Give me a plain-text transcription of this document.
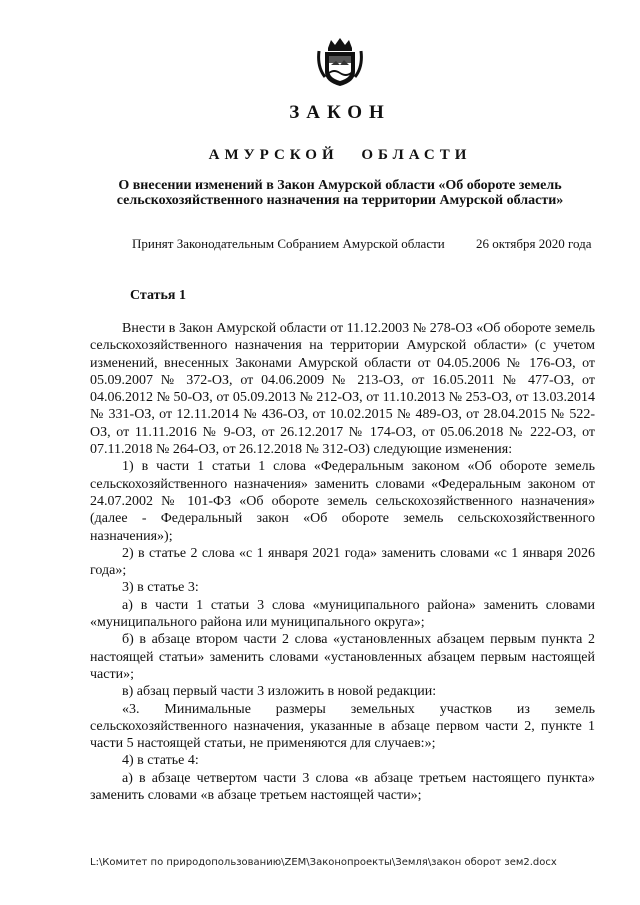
ЗАКОН
АМУРСКОЙ ОБЛАСТИ
О внесении изменений в Закон Амурской области «Об обороте земель сельскохозяйственного назначения на территории Амурской области»
Принят Законодательным Собранием Амурской области 26 октября 2020 года
Статья 1

Внести в Закон Амурской области от 11.12.2003 № 278-ОЗ «Об обороте земель сельскохозяйственного назначения на территории Амурской области» (с учетом изменений, внесенных Законами Амурской области от 04.05.2006 № 176-ОЗ, от 05.09.2007 № 372-ОЗ, от 04.06.2009 № 213-ОЗ, от 16.05.2011 № 477-ОЗ, от 04.06.2012 № 50-ОЗ, от 05.09.2013 № 212-ОЗ, от 11.10.2013 № 253-ОЗ, от 13.03.2014 № 331-ОЗ, от 12.11.2014 № 436-ОЗ, от 10.02.2015 № 489-ОЗ, от 28.04.2015 № 522-ОЗ, от 11.11.2016 № 9-ОЗ, от 26.12.2017 № 174-ОЗ, от 05.06.2018 № 222-ОЗ, от 07.11.2018 № 264-ОЗ, от 26.12.2018 № 312-ОЗ) следующие изменения:

1) в части 1 статьи 1 слова «Федеральным законом «Об обороте земель сельскохозяйственного назначения» заменить словами «Федеральным законом от 24.07.2002 № 101-ФЗ «Об обороте земель сельскохозяйственного назначения» (далее - Федеральный закон «Об обороте земель сельскохозяйственного назначения»);

2) в статье 2 слова «с 1 января 2021 года» заменить словами «с 1 января 2026 года»;

3) в статье 3:

а) в части 1 статьи 3 слова «муниципального района» заменить словами «муниципального района или муниципального округа»;

б) в абзаце втором части 2 слова «установленных абзацем первым пункта 2 настоящей статьи» заменить словами «установленных абзацем первым настоящей части»;

в) абзац первый части 3 изложить в новой редакции:

«3. Минимальные размеры земельных участков из земель сельскохозяйственного назначения, указанные в абзаце первом части 2, пункте 1 части 5 настоящей статьи, не применяются для случаев:»;

4) в статье 4:

а) в абзаце четвертом части 3 слова «в абзаце третьем настоящего пункта» заменить словами «в абзаце третьем настоящей части»;

L:\Комитет по природопользованию\ZEM\Законопроекты\Земля\закон оборот зем2.docx
